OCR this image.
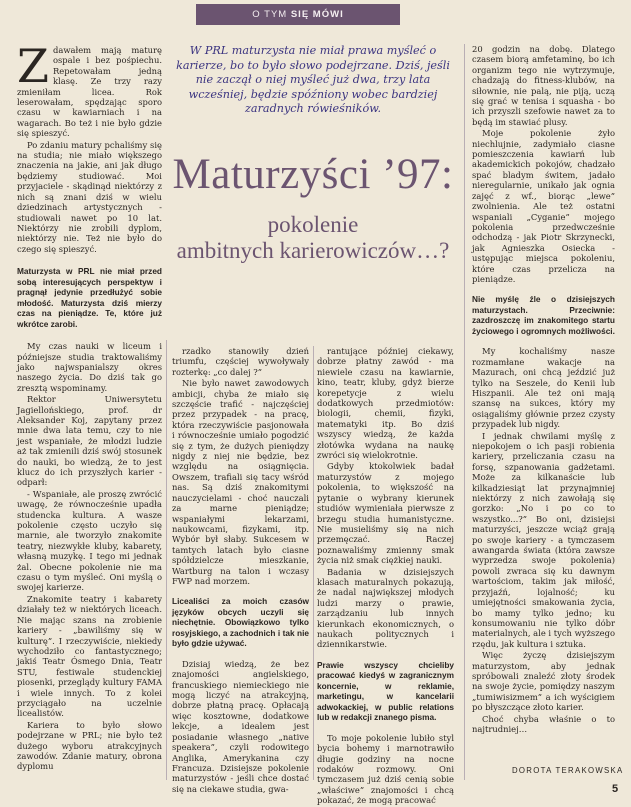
O TYM SIĘ MÓWI

Zdawałem mają maturę ospale i bez pośpiechu. Repetowałam jedną klasę. Ze trzy razy zmieniłam licea. Rok leserowałam, spędzając sporo czasu w kawiarniach i na wagarach. Bo też i nie było gdzie się spieszyć.

Po zdaniu matury pchaliśmy się na studia; nie miało większego znaczenia na jakie, ani jak długo będziemy studiować. Moi przyjaciele - skądinąd niektórzy z nich są znani dziś w wielu dziedzinach artystycznych - studiowali nawet po 10 lat. Niektórzy nie zrobili dyplom, niektórzy nie. Też nie było do czego się spieszyć.

Maturzysta w PRL nie miał przed sobą interesujących perspektyw i pragnął jedynie przedłużyć sobie młodość. Maturzysta dziś mierzy czas na pieniądze. Te, które już wkrótce zarobi.

My czas nauki w liceum i późniejsze studia traktowaliśmy jako najwspanialszy okres naszego życia. Do dziś tak go zresztą wspominamy.

Rektor Uniwersytetu Jagiellońskiego, prof. dr Aleksander Koj, zapytany przez mnie dwa lata temu, czy to nie jest wspaniałe, że młodzi ludzie aż tak zmienili dziś swój stosunek do nauki, bo wiedzą, że to jest klucz do ich przyszłych karier - odparł:

- Wspaniałe, ale proszę zwrócić uwagę, że równocześnie upadła studencka kultura. A wasze pokolenie często uczyło się marnie, ale tworzyło znakomite teatry, niezwykłe kluby, kabarety, własną muzykę. I tego mi jednak żal. Obecne pokolenie nie ma czasu o tym myśleć. Oni myślą o swojej karierze.

Znakomite teatry i kabarety działały też w niektórych liceach. Nie mając szans na zrobienie kariery - „bawiliśmy się w kulturę”. I rzeczywiście, niekiedy wychodziło co fantastycznego; jakiś Teatr Ósmego Dnia, Teatr STU, festiwale studenckiej piosenki, przeglądy kultury FAMA i wiele innych. To z kolei przyciągało na uczelnie licealistów.

Kariera to było słowo podejrzane w PRL; nie było też dużego wyboru atrakcyjnych zawodów. Zdanie matury, obrona dyplomu

W PRL maturzysta nie miał prawa myśleć o karierze, bo to było słowo podejrzane. Dziś, jeśli nie zaczął o niej myśleć już dwa, trzy lata wcześniej, będzie spóźniony wobec bardziej zaradnych rówieśników.
Maturzyści ’97:
pokolenie
ambitnych karierowiczów…?

rzadko stanowiły dzień triumfu, częściej wywoływały rozterkę: „co dalej ?”

Nie było nawet zawodowych ambicji, chyba że miało się szczęście trafić - najczęściej przez przypadek - na pracę, która rzeczywiście pasjonowała i równocześnie umiało pogodzić się z tym, że dużych pieniędzy nigdy z niej nie będzie, bez względu na osiągnięcia. Owszem, trafiali się tacy wśród nas. Są dziś znakomitymi nauczycielami - choć nauczali za marne pieniądze; wspaniałymi lekarzami, naukowcami, fizykami, itp. Wybór był słaby. Sukcesem w tamtych latach było ciasne spółdzielcze mieszkanie, Wartburg na talon i wczasy FWP nad morzem.

Licealiści za moich czasów języków obcych uczyli się niechętnie. Obowiązkowo tylko rosyjskiego, a zachodnich i tak nie było gdzie używać.

Dzisiaj wiedzą, że bez znajomości angielskiego, francuskiego niemieckiego nie mogą liczyć na atrakcyjną, dobrze płatną pracę. Opłacają więc kosztowne, dodatkowe lekcje, a idealem jest posiadanie własnego „native speakera”, czyli rodowitego Anglika, Amerykanina czy Francuza. Dzisiejsze pokolenie maturzystów - jeśli chce dostać się na ciekawe studia, gwa-

rantujące później ciekawy, dobrze płatny zawód - ma niewiele czasu na kawiarnie, kino, teatr, kluby, gdyż bierze korepetycje z wielu dodatkowych przedmiotów: biologii, chemii, fizyki, matematyki itp. Bo dziś wszyscy wiedzą, że każda złotówka wydana na naukę zwróci się wielokrotnie.

Gdyby ktokolwiek badał maturzystów z mojego pokolenia, to większość na pytanie o wybrany kierunek studiów wymieniała pierwsze z brzegu studia humanistyczne. Nie musieliśmy się na nich przemęczać. Raczej poznawaliśmy zmienny smak życia niż smak ciężkiej nauki.

Badania w dzisiejszych klasach maturalnych pokazują, że nadal największej młodych ludzi marzy o prawie, zarządzaniu lub innych kierunkach ekonomicznych, o naukach politycznych i dziennikarstwie.

Prawie wszyscy chcieliby pracować kiedyś w zagranicznym koncernie, w reklamie, marketingu, w kancelarii adwokackiej, w public relations lub w redakcji znanego pisma.

To moje pokolenie lubiło styl bycia bohemy i marnotrawiło długie godziny na nocne rodaków rozmowy. Oni tymczasem już dziś cenią sobie „właściwe” znajomości i chcą pokazać, że mogą pracować

20 godzin na dobę. Dlatego czasem biorą amfetaminę, bo ich organizm tego nie wytrzymuje, chadzają do fitness-klubów, na siłownie, nie palą, nie piją, uczą się grać w tenisa i squasha - bo ich przyszli szefowie nawet za to będą im stawiać plusy.

Moje pokolenie żyło niechlujnie, zadymiało ciasne pomieszczenia kawiarń lub akademickich pokojów, chadzało spać bladym świtem, jadało nieregularnie, unikało jak ognia zajęć z wf., biorąc „lewe” zwolnienia. Ale też ostatni wspaniali „Cyganie” mojego pokolenia przedwcześnie odchodzą - jak Piotr Skrzynecki, jak Agnieszka Osiecka - ustępując miejsca pokoleniu, które czas przelicza na pieniądze.

Nie myślę źle o dzisiejszych maturzystach. Przeciwnie: zazdroszczę im znakomitego startu życiowego i ogromnych możliwości.

My kochaliśmy nasze rozmamłane wakacje na Mazurach, oni chcą jeździć już tylko na Seszele, do Kenii lub Hiszpanii. Ale też oni mają szansę na sukces, który my osiągaliśmy głównie przez czysty przypadek lub nigdy.

I jednak chwilami myślę z niepokojem o ich pasji robienia kariery, przeliczania czasu na forsę, szpanowania gadżetami. Może za kilkanaście lub kilkadziesiąt lat przynajmniej niektórzy z nich zawołają się gorzko: „No i po co to wszystko...?” Bo oni, dzisiejsi maturzyści, jeszcze wciąż grają po swoje kariery - a tymczasem awangarda świata (która zawsze wyprzedza swoje pokolenia) powoli zwraca się ku dawnym wartościom, takim jak miłość, przyjaźń, lojalność; ku umiejętności smakowania życia, bo mamy tylko jedno; ku konsumowaniu nie tylko dóbr materialnych, ale i tych wyższego rzędu, jak kultura i sztuka.

Więc życzę dzisiejszym maturzystom, aby jednak spróbowali znaleźć złoty środek na swoje życie, pomiędzy naszym „tumiwisizmem” a ich wyścigiem po błyszczące złoto karier.

Choć chyba właśnie o to najtrudniej…

DOROTA TERAKOWSKA
5
